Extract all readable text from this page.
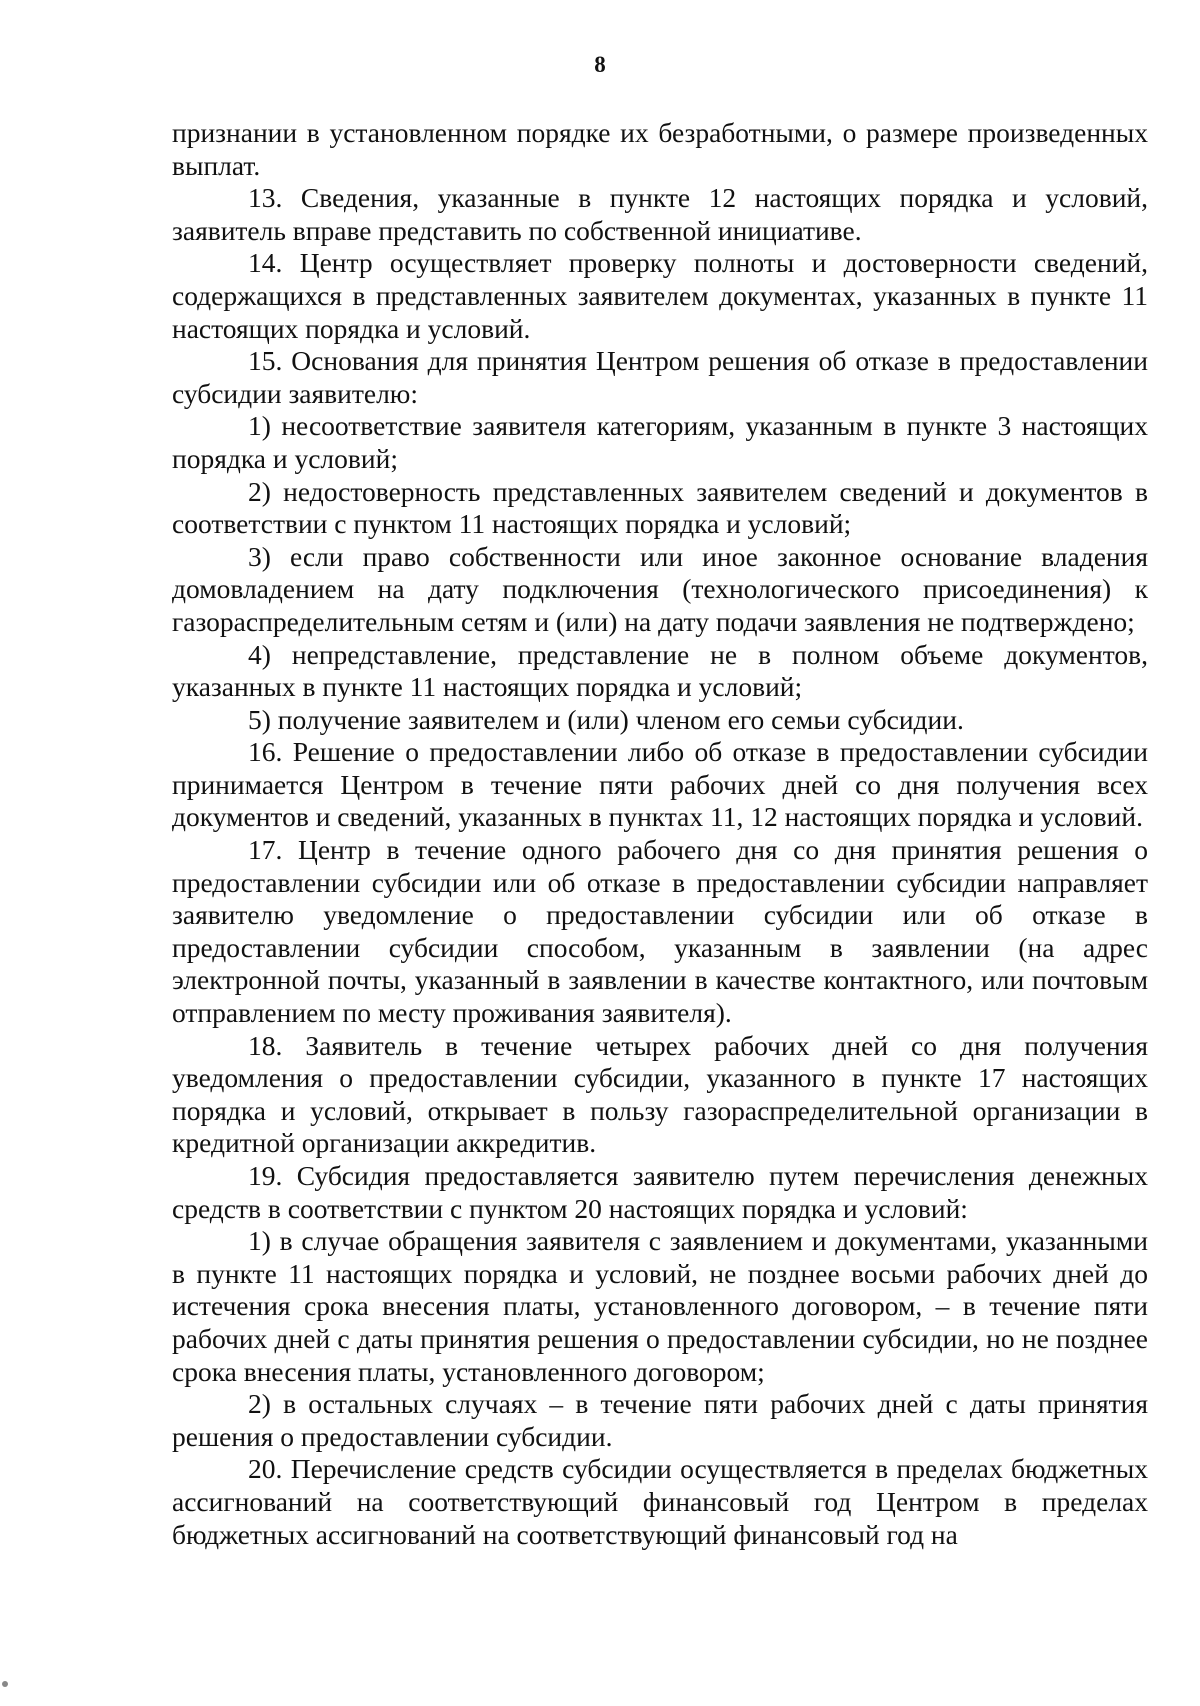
8

признании в установленном порядке их безработными, о размере произведенных выплат.

13. Сведения, указанные в пункте 12 настоящих порядка и условий, заявитель вправе представить по собственной инициативе.

14. Центр осуществляет проверку полноты и достоверности сведений, содержащихся в представленных заявителем документах, указанных в пункте 11 настоящих порядка и условий.

15. Основания для принятия Центром решения об отказе в предоставлении субсидии заявителю:

1) несоответствие заявителя категориям, указанным в пункте 3 настоящих порядка и условий;

2) недостоверность представленных заявителем сведений и документов в соответствии с пунктом 11 настоящих порядка и условий;

3) если право собственности или иное законное основание владения домовладением на дату подключения (технологического присоединения) к газораспределительным сетям и (или) на дату подачи заявления не подтверждено;

4) непредставление, представление не в полном объеме документов, указанных в пункте 11 настоящих порядка и условий;

5) получение заявителем и (или) членом его семьи субсидии.

16. Решение о предоставлении либо об отказе в предоставлении субсидии принимается Центром в течение пяти рабочих дней со дня получения всех документов и сведений, указанных в пунктах 11, 12 настоящих порядка и условий.

17. Центр в течение одного рабочего дня со дня принятия решения о предоставлении субсидии или об отказе в предоставлении субсидии направляет заявителю уведомление о предоставлении субсидии или об отказе в предоставлении субсидии способом, указанным в заявлении (на адрес электронной почты, указанный в заявлении в качестве контактного, или почтовым отправлением по месту проживания заявителя).

18. Заявитель в течение четырех рабочих дней со дня получения уведомления о предоставлении субсидии, указанного в пункте 17 настоящих порядка и условий, открывает в пользу газораспределительной организации в кредитной организации аккредитив.

19. Субсидия предоставляется заявителю путем перечисления денежных средств в соответствии с пунктом 20 настоящих порядка и условий:

1) в случае обращения заявителя с заявлением и документами, указанными в пункте 11 настоящих порядка и условий, не позднее восьми рабочих дней до истечения срока внесения платы, установленного договором, – в течение пяти рабочих дней с даты принятия решения о предоставлении субсидии, но не позднее срока внесения платы, установленного договором;

2) в остальных случаях – в течение пяти рабочих дней с даты принятия решения о предоставлении субсидии.

20. Перечисление средств субсидии осуществляется в пределах бюджетных ассигнований на соответствующий финансовый год Центром в пределах бюджетных ассигнований на соответствующий финансовый год на
